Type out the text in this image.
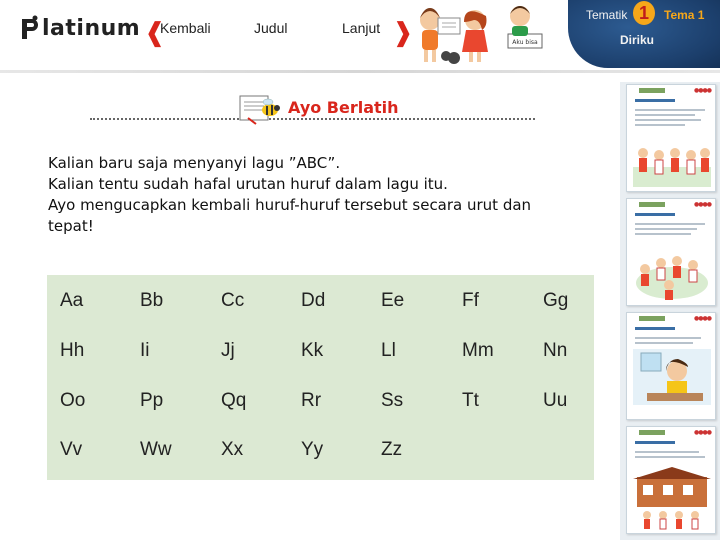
latinum ❰
Kembali	Judul	Lanjut ❱	Aku bisa
Tematik 1	Tema 1
Diriku
Ayo Berlatih
Kalian baru saja menyanyi lagu ”ABC”.
Kalian tentu sudah hafal urutan huruf dalam lagu itu.
Ayo mengucapkan kembali huruf-huruf tersebut secara urut dan
tepat!
Aa	Bb	Cc	Dd	Ee	Ff	Gg
Hh	Ii	Jj	Kk	Ll	Mm	Nn
Oo	Pp	Qq	Rr	Ss	Tt	Uu
Vv	Ww	Xx	Yy	Zz
●●●●
●●●●
●●●●
●●●●
